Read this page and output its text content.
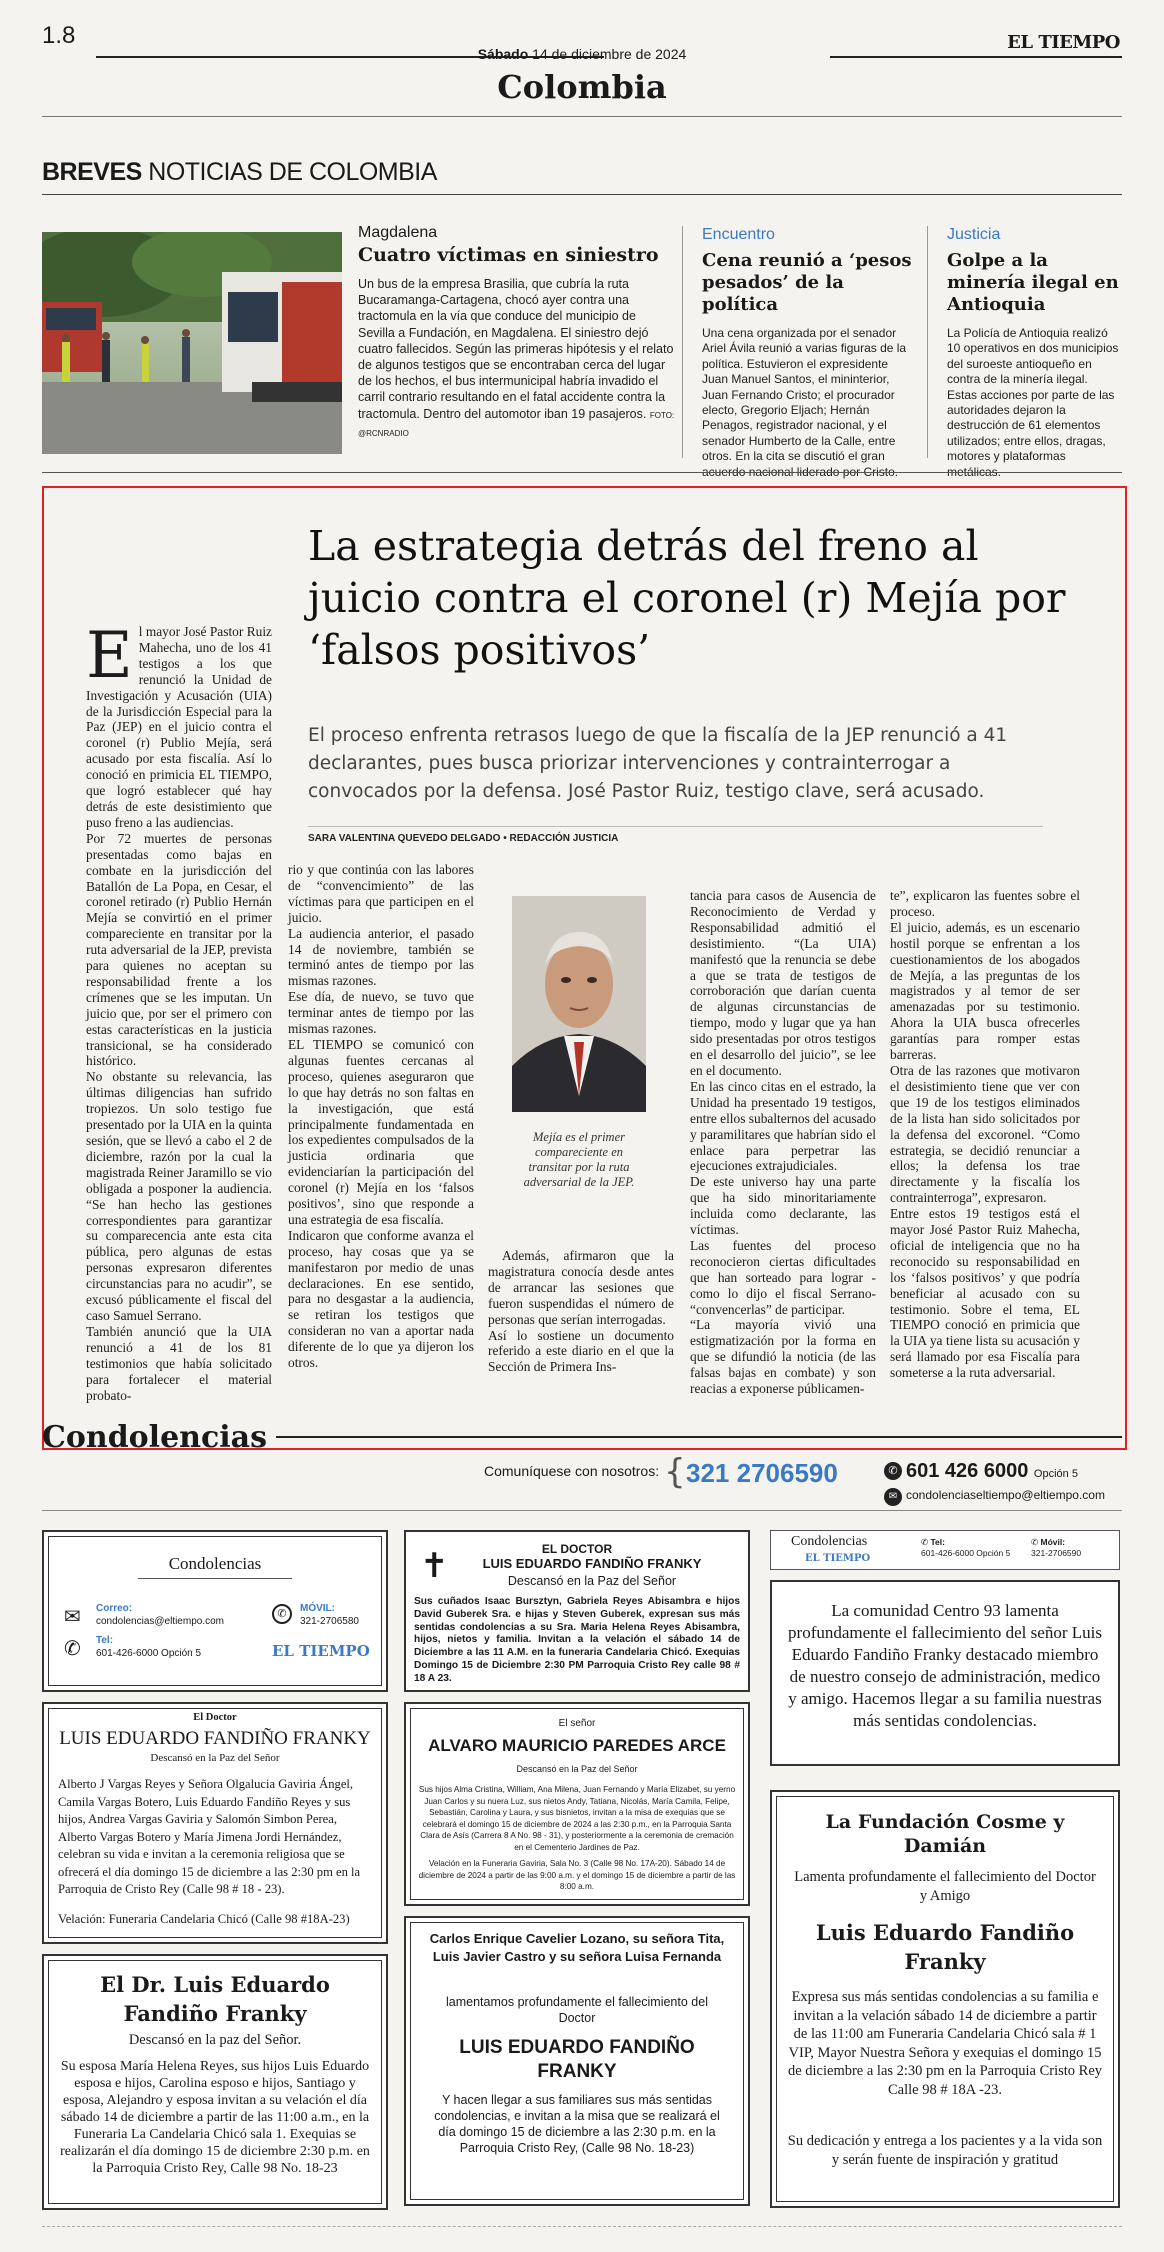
1.8
Sábado 14 de diciembre de 2024
EL TIEMPO
Colombia
BREVES NOTICIAS DE COLOMBIA
Magdalena
Cuatro víctimas en siniestro
Un bus de la empresa Brasilia, que cubría la ruta Bucaramanga-Cartagena, chocó ayer contra una tractomula en la vía que conduce del municipio de Sevilla a Fundación, en Magdalena. El siniestro dejó cuatro fallecidos. Según las primeras hipótesis y el relato de algunos testigos que se encontraban cerca del lugar de los hechos, el bus intermunicipal habría invadido el carril contrario resultando en el fatal accidente contra la tractomula. Dentro del automotor iban 19 pasajeros. FOTO: @RCNRADIO
Encuentro
Cena reunió a ‘pesos pesados’ de la política
Una cena organizada por el senador Ariel Ávila reunió a varias figuras de la política. Estuvieron el expresidente Juan Manuel Santos, el mininterior, Juan Fernando Cristo; el procurador electo, Gregorio Eljach; Hernán Penagos, registrador nacional, y el senador Humberto de la Calle, entre otros. En la cita se discutió el gran acuerdo nacional liderado por Cristo.
Justicia
Golpe a la minería ilegal en Antioquia
La Policía de Antioquia realizó 10 operativos en dos municipios del suroeste antioqueño en contra de la minería ilegal. Estas acciones por parte de las autoridades dejaron la destrucción de 61 elementos utilizados; entre ellos, dragas, motores y plataformas metálicas.
La estrategia detrás del freno al juicio contra el coronel (r) Mejía por ‘falsos positivos’
El proceso enfrenta retrasos luego de que la fiscalía de la JEP renunció a 41 declarantes, pues busca priorizar intervenciones y contrainterrogar a convocados por la defensa. José Pastor Ruiz, testigo clave, será acusado.
SARA VALENTINA QUEVEDO DELGADO • REDACCIÓN JUSTICIA
E l mayor José Pastor Ruiz Mahecha, uno de los 41 testigos a los que renunció la Unidad de Investigación y Acusación (UIA) de la Jurisdicción Especial para la Paz (JEP) en el juicio contra el coronel (r) Publio Mejía, será acusado por esta fiscalía. Así lo conoció en primicia EL TIEMPO, que logró establecer qué hay detrás de este desistimiento que puso freno a las audiencias.
Por 72 muertes de personas presentadas como bajas en combate en la jurisdicción del Batallón de La Popa, en Cesar, el coronel retirado (r) Publio Hernán Mejía se convirtió en el primer compareciente en transitar por la ruta adversarial de la JEP, prevista para quienes no aceptan su responsabilidad frente a los crímenes que se les imputan. Un juicio que, por ser el primero con estas características en la justicia transicional, se ha considerado histórico.
No obstante su relevancia, las últimas diligencias han sufrido tropiezos. Un solo testigo fue presentado por la UIA en la quinta sesión, que se llevó a cabo el 2 de diciembre, razón por la cual la magistrada Reiner Jaramillo se vio obligada a posponer la audiencia. “Se han hecho las gestiones correspondientes para garantizar su comparecencia ante esta cita pública, pero algunas de estas personas expresaron diferentes circunstancias para no acudir”, se excusó públicamente el fiscal del caso Samuel Serrano.
También anunció que la UIA renunció a 41 de los 81 testimonios que había solicitado para fortalecer el material probato-

rio y que continúa con las labores de “convencimiento” de las víctimas para que participen en el juicio.
La audiencia anterior, el pasado 14 de noviembre, también se terminó antes de tiempo por las mismas razones.
Ese día, de nuevo, se tuvo que terminar antes de tiempo por las mismas razones.
EL TIEMPO se comunicó con algunas fuentes cercanas al proceso, quienes aseguraron que lo que hay detrás no son faltas en la investigación, que está principalmente fundamentada en los expedientes compulsados de la justicia ordinaria que evidenciarían la participación del coronel (r) Mejía en los ‘falsos positivos’, sino que responde a una estrategia de esa fiscalía.
Indicaron que conforme avanza el proceso, hay cosas que ya se manifestaron por medio de unas declaraciones. En ese sentido, para no desgastar a la audiencia, se retiran los testigos que consideran no van a aportar nada diferente de lo que ya dijeron los otros.

Mejía es el primer compareciente en transitar por la ruta adversarial de la JEP.

Además, afirmaron que la magistratura conocía desde antes de arrancar las sesiones que fueron suspendidas el número de personas que serían interrogadas.
Así lo sostiene un documento referido a este diario en el que la Sección de Primera Ins-

tancia para casos de Ausencia de Reconocimiento de Verdad y Responsabilidad admitió el desistimiento. “(La UIA) manifestó que la renuncia se debe a que se trata de testigos de corroboración que darían cuenta de algunas circunstancias de tiempo, modo y lugar que ya han sido presentadas por otros testigos en el desarrollo del juicio”, se lee en el documento.
En las cinco citas en el estrado, la Unidad ha presentado 19 testigos, entre ellos subalternos del acusado y paramilitares que habrían sido el enlace para perpetrar las ejecuciones extrajudiciales.
De este universo hay una parte que ha sido minoritariamente incluida como declarante, las víctimas.
Las fuentes del proceso reconocieron ciertas dificultades que han sorteado para lograr -como lo dijo el fiscal Serrano- “convencerlas” de participar.
“La mayoría vivió una estigmatización por la forma en que se difundió la noticia (de las falsas bajas en combate) y son reacias a exponerse públicamen-

te”, explicaron las fuentes sobre el proceso.
El juicio, además, es un escenario hostil porque se enfrentan a los cuestionamientos de los abogados de Mejía, a las preguntas de los magistrados y al temor de ser amenazadas por su testimonio. Ahora la UIA busca ofrecerles garantías para romper estas barreras.
Otra de las razones que motivaron el desistimiento tiene que ver con que 19 de los testigos eliminados de la lista han sido solicitados por la defensa del excoronel. “Como estrategia, se decidió renunciar a ellos; la defensa los trae directamente y la fiscalía los contrainterroga”, expresaron.
Entre estos 19 testigos está el mayor José Pastor Ruiz Mahecha, oficial de inteligencia que no ha reconocido su responsabilidad en los ‘falsos positivos’ y que podría beneficiar al acusado con su testimonio. Sobre el tema, EL TIEMPO conoció en primicia que la UIA ya tiene lista su acusación y será llamado por esa Fiscalía para someterse a la ruta adversarial.

Condolencias
Comuníquese con nosotros: { 321 2706590	✆ 601 426 6000 Opción 5
✉ condolenciaseltiempo@eltiempo.com
Condolencias
✉ Correo:
condolencias@eltiempo.com
✆	MÓVIL:
321-2706580
✆ Tel:
601-426-6000 Opción 5	EL TIEMPO
✝	EL DOCTOR
LUIS EDUARDO FANDIÑO FRANKY
Descansó en la Paz del Señor
Sus cuñados Isaac Bursztyn, Gabriela Reyes Abisambra e hijos David Guberek Sra. e hijas y Steven Guberek, expresan sus más sentidas condolencias a su Sra. Maria Helena Reyes Abisambra, hijos, nietos y familia. Invitan a la velación el sábado 14 de Diciembre a las 11 A.M. en la funeraria Candelaria Chicó. Exequias Domingo 15 de Diciembre 2:30 PM Parroquia Cristo Rey calle 98 # 18 A 23.
Condolencias
EL TIEMPO
✆ Tel:
601-426-6000 Opción 5
✆ Móvil:
321-2706590
La comunidad Centro 93 lamenta profundamente el fallecimiento del señor Luis Eduardo Fandiño Franky destacado miembro de nuestro consejo de administración, medico y amigo. Hacemos llegar a su familia nuestras más sentidas condolencias.
El Doctor
LUIS EDUARDO FANDIÑO FRANKY
Descansó en la Paz del Señor
Alberto J Vargas Reyes y Señora Olgalucia Gaviria Ángel, Camila Vargas Botero, Luis Eduardo Fandiño Reyes y sus hijos, Andrea Vargas Gaviria y Salomón Simbon Perea, Alberto Vargas Botero y María Jimena Jordi Hernández, celebran su vida e invitan a la ceremonia religiosa que se ofrecerá el día domingo 15 de diciembre a las 2:30 pm en la Parroquia de Cristo Rey (Calle 98 # 18 - 23).
Velación: Funeraria Candelaria Chicó (Calle 98 #18A-23)
El señor
ALVARO MAURICIO PAREDES ARCE
Descansó en la Paz del Señor
Sus hijos Alma Cristina, William, Ana Milena, Juan Fernando y María Elizabet, su yerno Juan Carlos y su nuera Luz, sus nietos Andy, Tatiana, Nicolás, María Camila, Felipe, Sebastián, Carolina y Laura, y sus bisnietos, invitan a la misa de exequias que se celebrará el domingo 15 de diciembre de 2024 a las 2:30 p.m., en la Parroquia Santa Clara de Asís (Carrera 8 A No. 98 - 31), y posteriormente a la ceremonia de cremación en el Cementerio Jardines de Paz.
Velación en la Funeraria Gaviria, Sala No. 3 (Calle 98 No. 17A-20). Sábado 14 de diciembre de 2024 a partir de las 9:00 a.m. y el domingo 15 de diciembre a partir de las 8:00 a.m.
La Fundación Cosme y Damián
Lamenta profundamente el fallecimiento del Doctor y Amigo
Luis Eduardo Fandiño Franky
Expresa sus más sentidas condolencias a su familia e invitan a la velación sábado 14 de diciembre a partir de las 11:00 am Funeraria Candelaria Chicó sala # 1 VIP, Mayor Nuestra Señora y exequias el domingo 15 de diciembre a las 2:30 pm en la Parroquia Cristo Rey Calle 98 # 18A -23.
Su dedicación y entrega a los pacientes y a la vida son y serán fuente de inspiración y gratitud
El Dr. Luis Eduardo Fandiño Franky
Descansó en la paz del Señor.
Su esposa María Helena Reyes, sus hijos Luis Eduardo esposa e hijos, Carolina esposo e hijos, Santiago y esposa, Alejandro y esposa invitan a su velación el día sábado 14 de diciembre a partir de las 11:00 a.m., en la Funeraria La Candelaria Chicó sala 1. Exequias se realizarán el día domingo 15 de diciembre 2:30 p.m. en la Parroquia Cristo Rey, Calle 98 No. 18-23
Carlos Enrique Cavelier Lozano, su señora Tita, Luis Javier Castro y su señora Luisa Fernanda
lamentamos profundamente el fallecimiento del Doctor
LUIS EDUARDO FANDIÑO FRANKY
Y hacen llegar a sus familiares sus más sentidas condolencias, e invitan a la misa que se realizará el día domingo 15 de diciembre a las 2:30 p.m. en la Parroquia Cristo Rey, (Calle 98 No. 18-23)
